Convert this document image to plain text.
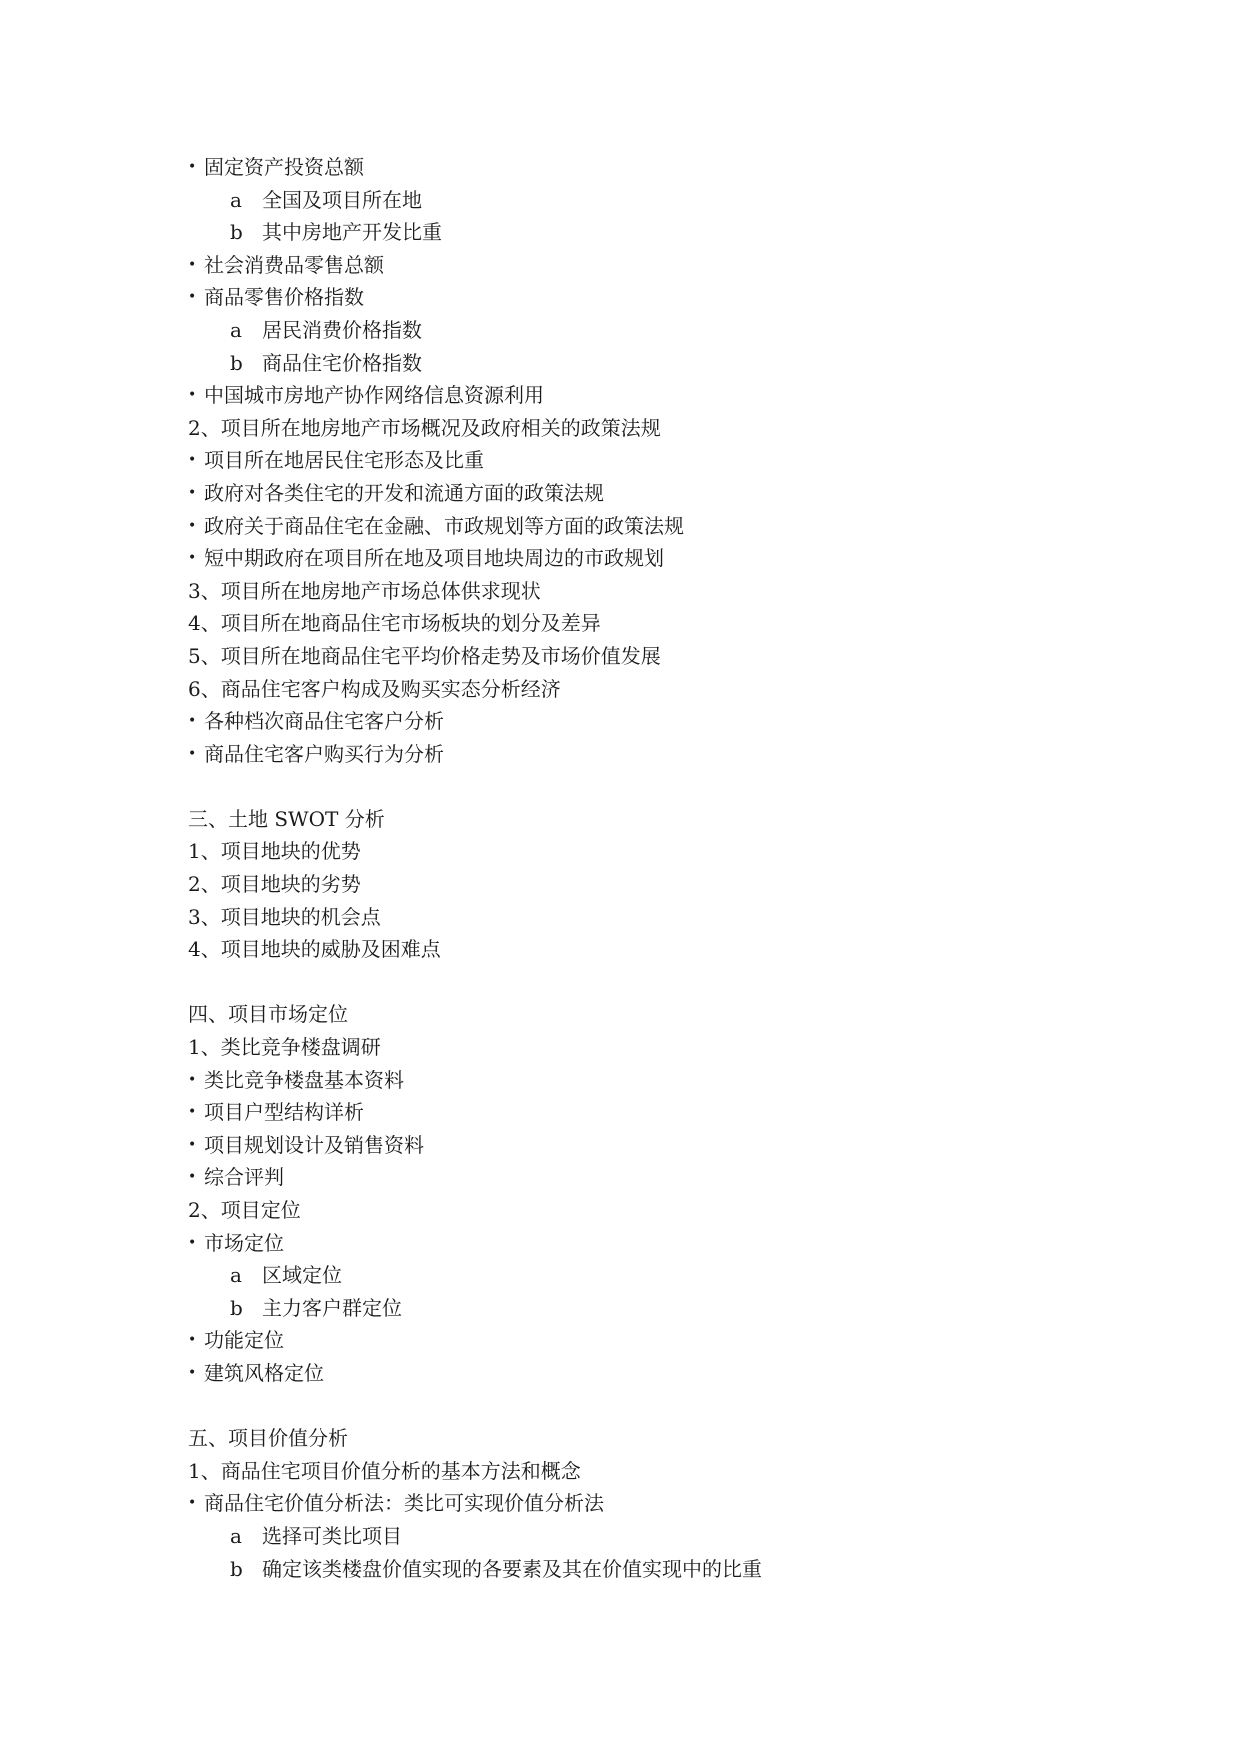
• 固定资产投资总额
a 全国及项目所在地
b 其中房地产开发比重
• 社会消费品零售总额
• 商品零售价格指数
a 居民消费价格指数
b 商品住宅价格指数
• 中国城市房地产协作网络信息资源利用
2、项目所在地房地产市场概况及政府相关的政策法规
• 项目所在地居民住宅形态及比重
• 政府对各类住宅的开发和流通方面的政策法规
• 政府关于商品住宅在金融、市政规划等方面的政策法规
• 短中期政府在项目所在地及项目地块周边的市政规划
3、项目所在地房地产市场总体供求现状
4、项目所在地商品住宅市场板块的划分及差异
5、项目所在地商品住宅平均价格走势及市场价值发展
6、商品住宅客户构成及购买实态分析经济
• 各种档次商品住宅客户分析
• 商品住宅客户购买行为分析
三、土地 SWOT 分析
1、项目地块的优势
2、项目地块的劣势
3、项目地块的机会点
4、项目地块的威胁及困难点
四、项目市场定位
1、类比竞争楼盘调研
• 类比竞争楼盘基本资料
• 项目户型结构详析
• 项目规划设计及销售资料
• 综合评判
2、项目定位
• 市场定位
a 区域定位
b 主力客户群定位
• 功能定位
• 建筑风格定位
五、项目价值分析
1、商品住宅项目价值分析的基本方法和概念
• 商品住宅价值分析法：类比可实现价值分析法
a 选择可类比项目
b 确定该类楼盘价值实现的各要素及其在价值实现中的比重
